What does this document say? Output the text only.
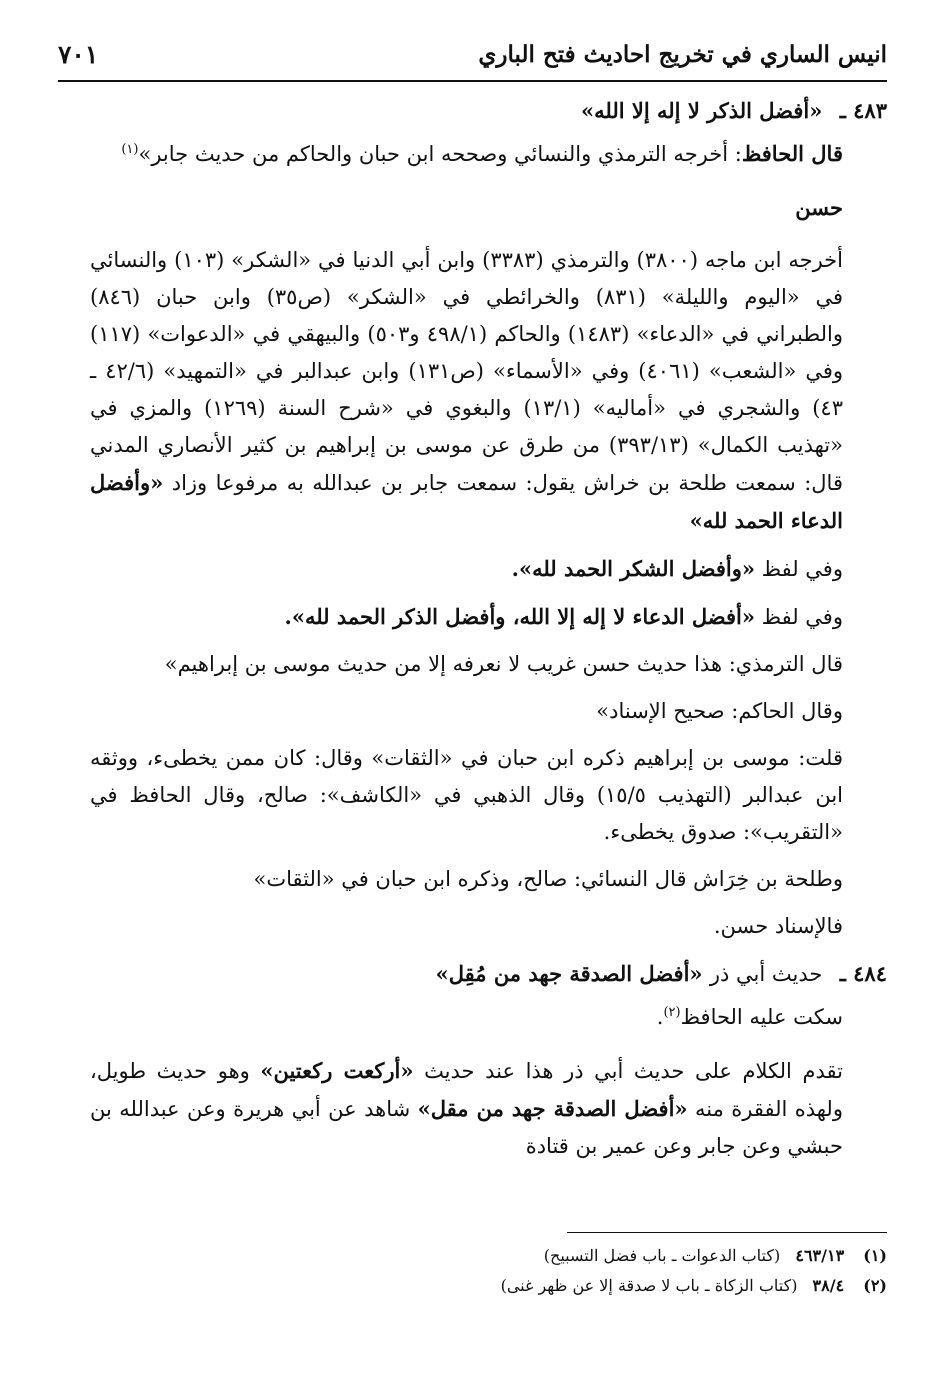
انيس الساري في تخريج احاديث فتح الباري
٧٠١

٤٨٣ ـ «أفضل الذكر لا إله إلا الله»

قال الحافظ: أخرجه الترمذي والنسائي وصححه ابن حبان والحاكم من حديث جابر»$^{(١)}$

حسن

أخرجه ابن ماجه (٣٨٠٠) والترمذي (٣٣٨٣) وابن أبي الدنيا في «الشكر» (١٠٣) والنسائي في «اليوم والليلة» (٨٣١) والخرائطي في «الشكر» (ص٣٥) وابن حبان (٨٤٦) والطبراني في «الدعاء» (١٤٨٣) والحاكم (٤٩٨/١ و٥٠٣) والبيهقي في «الدعوات» (١١٧) وفي «الشعب» (٤٠٦١) وفي «الأسماء» (ص١٣١) وابن عبدالبر في «التمهيد» (٤٢/٦ ـ ٤٣) والشجري في «أماليه» (١٣/١) والبغوي في «شرح السنة (١٢٦٩) والمزي في «تهذيب الكمال» (٣٩٣/١٣) من طرق عن موسى بن إبراهيم بن كثير الأنصاري المدني قال: سمعت طلحة بن خراش يقول: سمعت جابر بن عبدالله به مرفوعا وزاد «وأفضل الدعاء الحمد لله»

وفي لفظ «وأفضل الشكر الحمد لله».

وفي لفظ «أفضل الدعاء لا إله إلا الله، وأفضل الذكر الحمد لله».

قال الترمذي: هذا حديث حسن غريب لا نعرفه إلا من حديث موسى بن إبراهيم»

وقال الحاكم: صحيح الإسناد»

قلت: موسى بن إبراهيم ذكره ابن حبان في «الثقات» وقال: كان ممن يخطىء، ووثقه ابن عبدالبر (التهذيب ١٥/٥) وقال الذهبي في «الكاشف»: صالح، وقال الحافظ في «التقريب»: صدوق يخطىء.

وطلحة بن خِرَاش قال النسائي: صالح، وذكره ابن حبان في «الثقات»

فالإسناد حسن.

٤٨٤ ـ حديث أبي ذر «أفضل الصدقة جهد من مُقِل»

سكت عليه الحافظ$^{(٢)}$.

تقدم الكلام على حديث أبي ذر هذا عند حديث «أركعت ركعتين» وهو حديث طويل، ولهذه الفقرة منه «أفضل الصدقة جهد من مقل» شاهد عن أبي هريرة وعن عبدالله بن حبشي وعن جابر وعن عمير بن قتادة

(١) ٤٦٣/١٣ (كتاب الدعوات ـ باب فضل التسبيح)
(٢) ٣٨/٤ (كتاب الزكاة ـ باب لا صدقة إلا عن ظهر غنى)
